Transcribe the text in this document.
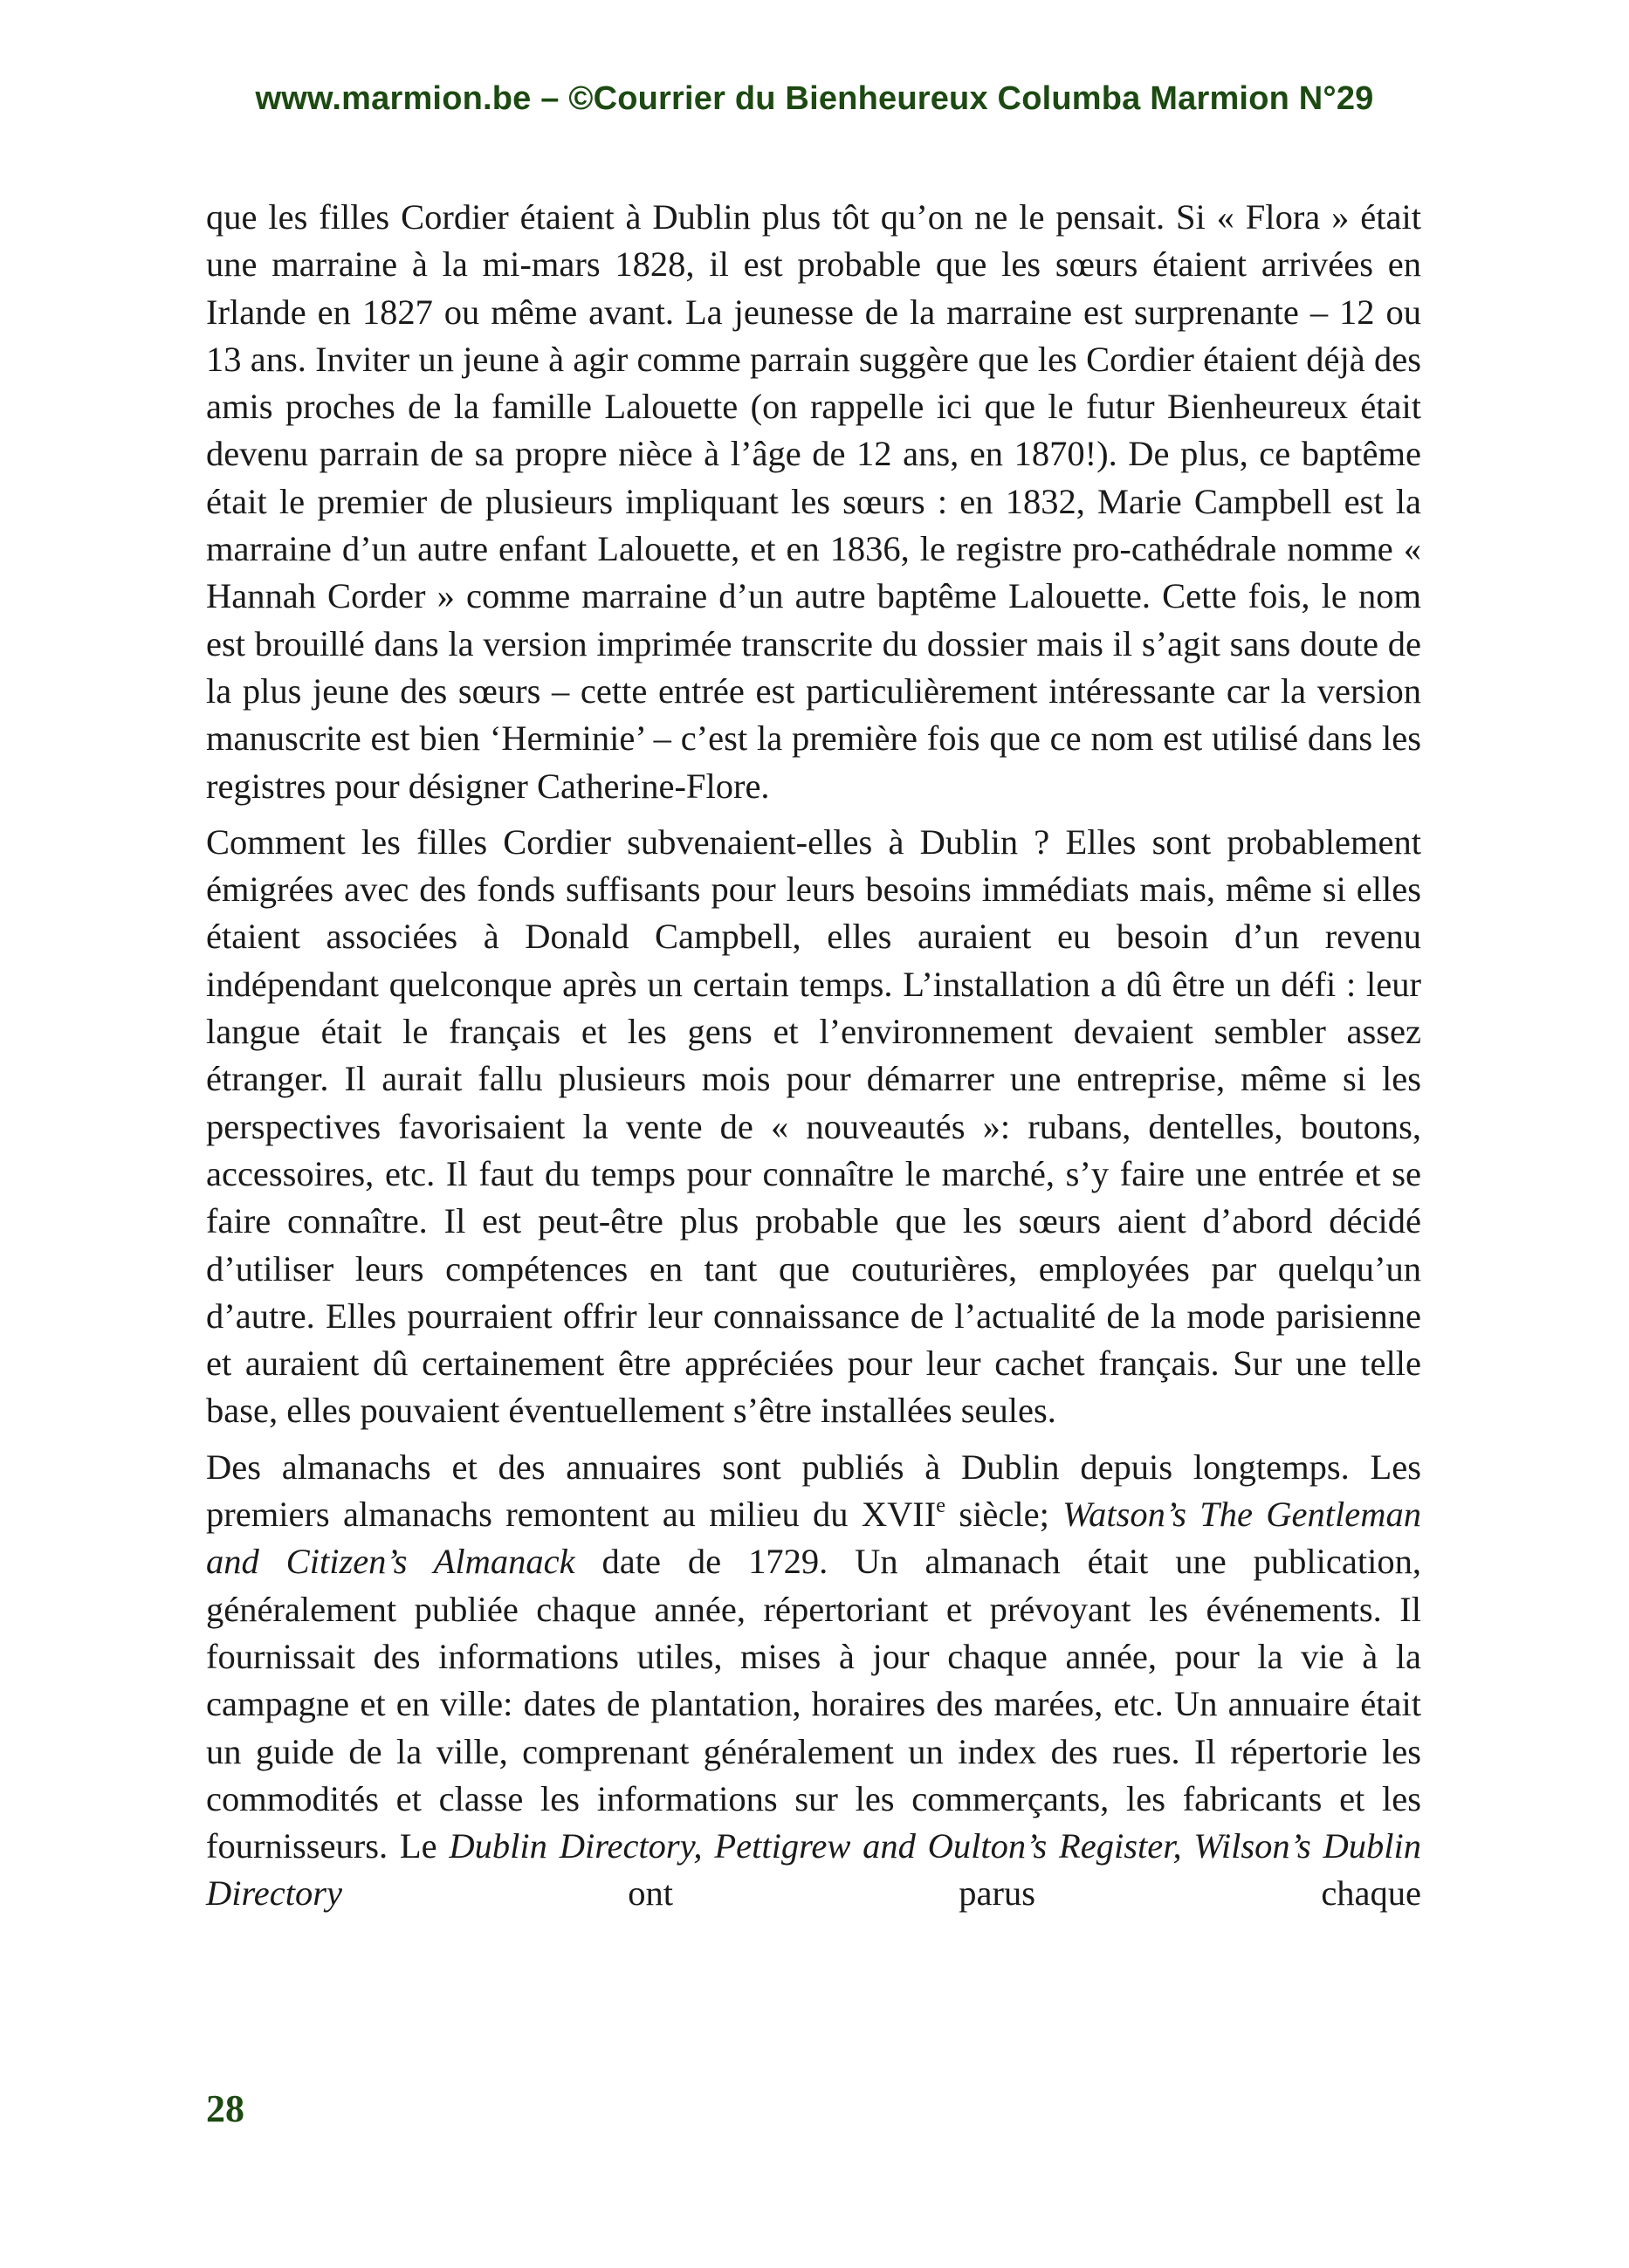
www.marmion.be – ©Courrier du Bienheureux Columba Marmion N°29

que les filles Cordier étaient à Dublin plus tôt qu’on ne le pensait. Si « Flora » était une marraine à la mi-mars 1828, il est probable que les sœurs étaient arrivées en Irlande en 1827 ou même avant. La jeunesse de la marraine est surprenante – 12 ou 13 ans. Inviter un jeune à agir comme parrain suggère que les Cordier étaient déjà des amis proches de la famille Lalouette (on rappelle ici que le futur Bienheureux était devenu parrain de sa propre nièce à l’âge de 12 ans, en 1870!). De plus, ce baptême était le premier de plusieurs impliquant les sœurs : en 1832, Marie Campbell est la marraine d’un autre enfant Lalouette, et en 1836, le registre pro-cathédrale nomme « Hannah Corder » comme marraine d’un autre baptême Lalouette. Cette fois, le nom est brouillé dans la version imprimée transcrite du dossier mais il s’agit sans doute de la plus jeune des sœurs – cette entrée est particulièrement intéressante car la version manuscrite est bien ‘Herminie’ – c’est la première fois que ce nom est utilisé dans les registres pour désigner Catherine-Flore.

Comment les filles Cordier subvenaient-elles à Dublin ? Elles sont probablement émigrées avec des fonds suffisants pour leurs besoins immédiats mais, même si elles étaient associées à Donald Campbell, elles auraient eu besoin d’un revenu indépendant quelconque après un certain temps. L’installation a dû être un défi : leur langue était le français et les gens et l’environnement devaient sembler assez étranger. Il aurait fallu plusieurs mois pour démarrer une entreprise, même si les perspectives favorisaient la vente de « nouveautés »: rubans, dentelles, boutons, accessoires, etc. Il faut du temps pour connaître le marché, s’y faire une entrée et se faire connaître. Il est peut-être plus probable que les sœurs aient d’abord décidé d’utiliser leurs compétences en tant que couturières, employées par quelqu’un d’autre. Elles pourraient offrir leur connaissance de l’actualité de la mode parisienne et auraient dû certainement être appréciées pour leur cachet français. Sur une telle base, elles pouvaient éventuellement s’être installées seules.

Des almanachs et des annuaires sont publiés à Dublin depuis longtemps. Les premiers almanachs remontent au milieu du XVIIe siècle; Watson’s The Gentleman and Citizen’s Almanack date de 1729. Un almanach était une publication, généralement publiée chaque année, répertoriant et prévoyant les événements. Il fournissait des informations utiles, mises à jour chaque année, pour la vie à la campagne et en ville: dates de plantation, horaires des marées, etc. Un annuaire était un guide de la ville, comprenant généralement un index des rues. Il répertorie les commodités et classe les informations sur les commerçants, les fabricants et les fournisseurs. Le Dublin Directory, Pettigrew and Oulton’s Register, Wilson’s Dublin Directory ont parus chaque

28
